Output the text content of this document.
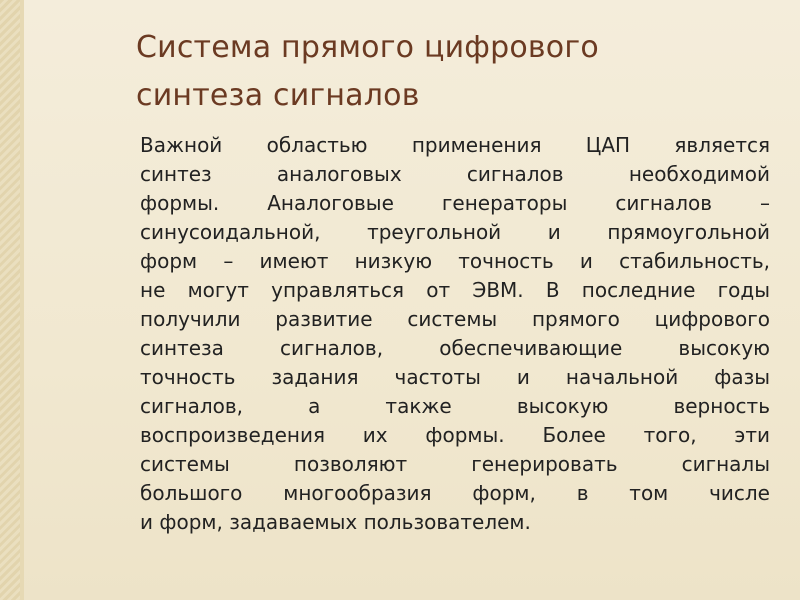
Система прямого цифрового
синтеза сигналов
Важной областью применения ЦАП является
синтез аналоговых сигналов необходимой
формы. Аналоговые генераторы сигналов –
синусоидальной, треугольной и прямоугольной
форм – имеют низкую точность и стабильность,
не могут управляться от ЭВМ. В последние годы
получили развитие системы прямого цифрового
синтеза сигналов, обеспечивающие высокую
точность задания частоты и начальной фазы
сигналов, а также высокую верность
воспроизведения их формы. Более того, эти
системы позволяют генерировать сигналы
большого многообразия форм, в том числе
и форм, задаваемых пользователем.
